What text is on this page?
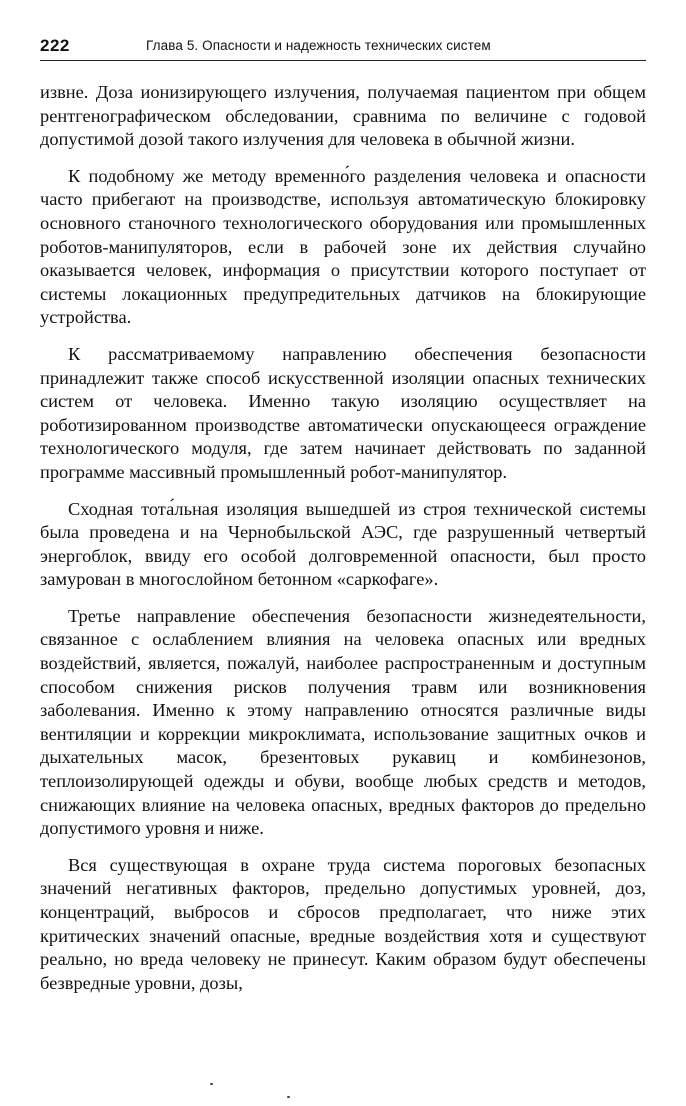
222	Глава 5. Опасности и надежность технических систем

извне. Доза ионизирующего излучения, получаемая пациентом при общем рентгенографическом обследовании, сравнима по величине с годовой допустимой дозой такого излучения для человека в обычной жизни.

К подобному же методу временно́го разделения человека и опасности часто прибегают на производстве, используя автоматическую блокировку основного станочного технологического оборудования или промышленных роботов-манипуляторов, если в рабочей зоне их действия случайно оказывается человек, информация о присутствии которого поступает от системы локационных предупредительных датчиков на блокирующие устройства.

К рассматриваемому направлению обеспечения безопасности принадлежит также способ искусственной изоляции опасных технических систем от человека. Именно такую изоляцию осуществляет на роботизированном производстве автоматически опускающееся ограждение технологического модуля, где затем начинает действовать по заданной программе массивный промышленный робот-манипулятор.

Сходная тота́льная изоляция вышедшей из строя технической системы была проведена и на Чернобыльской АЭС, где разрушенный четвертый энергоблок, ввиду его особой долговременной опасности, был просто замурован в многослойном бетонном «саркофаге».

Третье направление обеспечения безопасности жизнедеятельности, связанное с ослаблением влияния на человека опасных или вредных воздействий, является, пожалуй, наиболее распространенным и доступным способом снижения рисков получения травм или возникновения заболевания. Именно к этому направлению относятся различные виды вентиляции и коррекции микроклимата, использование защитных очков и дыхательных масок, брезентовых рукавиц и комбинезонов, теплоизолирующей одежды и обуви, вообще любых средств и методов, снижающих влияние на человека опасных, вредных факторов до предельно допустимого уровня и ниже.

Вся существующая в охране труда система пороговых безопасных значений негативных факторов, предельно допустимых уровней, доз, концентраций, выбросов и сбросов предполагает, что ниже этих критических значений опасные, вредные воздействия хотя и существуют реально, но вреда человеку не принесут. Каким образом будут обеспечены безвредные уровни, дозы,
